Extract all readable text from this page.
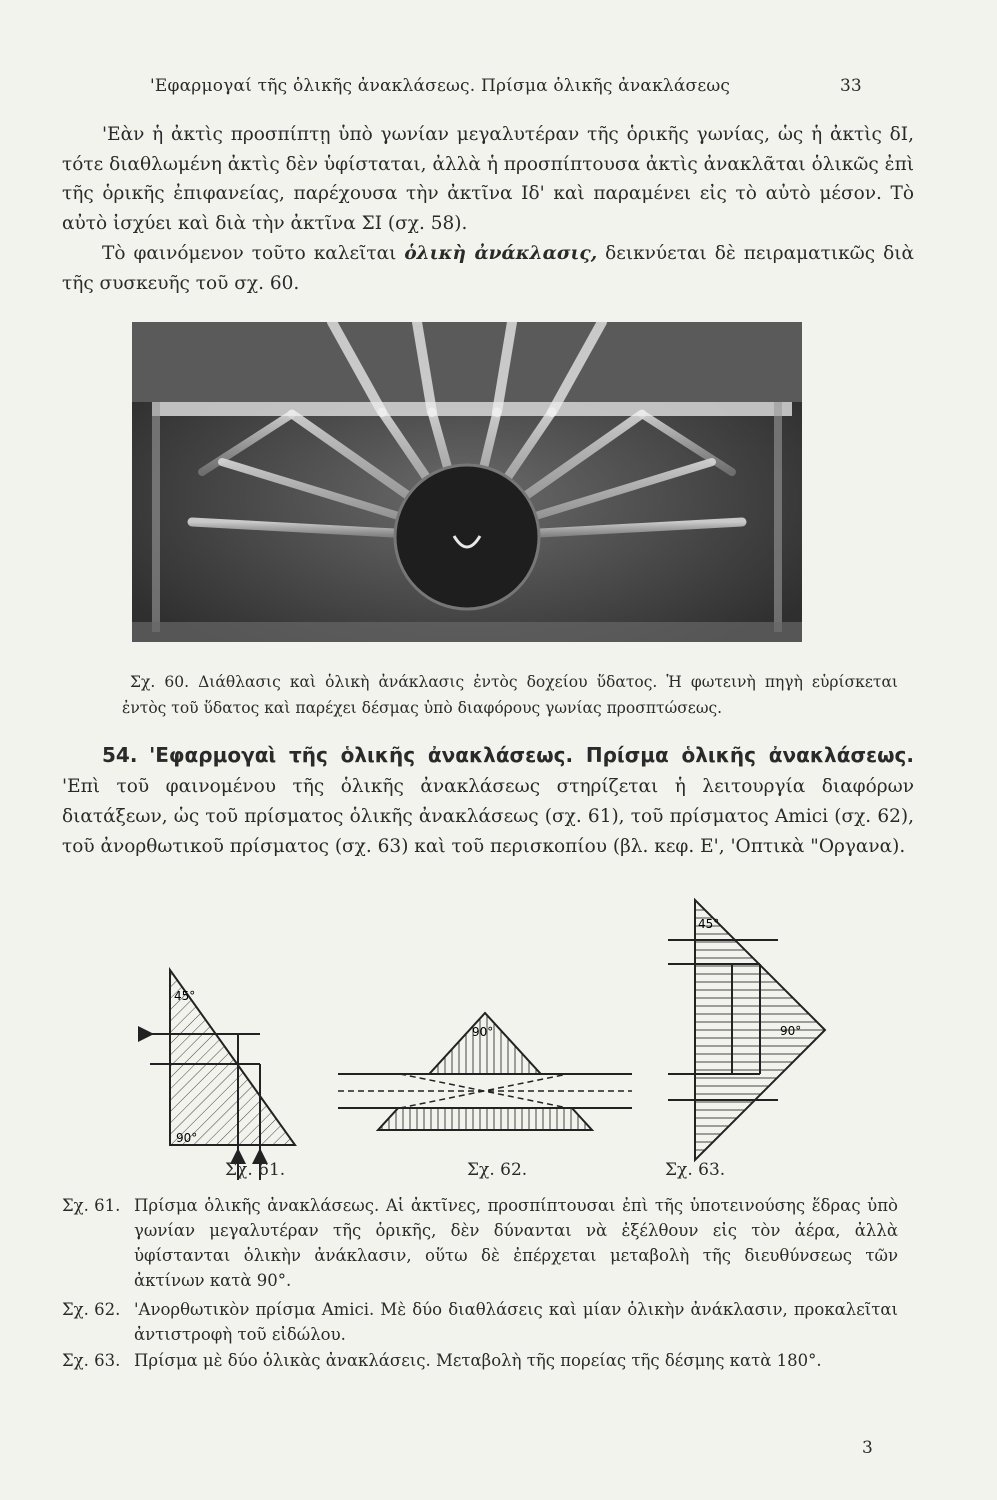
'Εφαρμογαί τῆς ὁλικῆς ἀνακλάσεως. Πρίσμα ὁλικῆς ἀνακλάσεως	33
'Εὰν ἡ ἀκτὶς προσπίπτῃ ὑπὸ γωνίαν μεγαλυτέραν τῆς ὁρικῆς γωνίας, ὡς ἡ ἀκτὶς δΙ, τότε διαθλωμένη ἀκτὶς δὲν ὑφίσταται, ἀλλὰ ἡ προσπίπτουσα ἀκτὶς ἀνακλᾶται ὁλικῶς ἐπὶ τῆς ὁρικῆς ἐπιφανείας, παρέχουσα τὴν ἀκτῖνα Ιδ' καὶ παραμένει εἰς τὸ αὐτὸ μέσον. Τὸ αὐτὸ ἰσχύει καὶ διὰ τὴν ἀκτῖνα ΣΙ (σχ. 58).
Τὸ φαινόμενον τοῦτο καλεῖται ὁλικὴ ἀνάκλασις, δεικνύεται δὲ πειραματικῶς διὰ τῆς συσκευῆς τοῦ σχ. 60.
Σχ. 60. Διάθλασις καὶ ὁλικὴ ἀνάκλασις ἐντὸς δοχείου ὕδατος. Ἡ φωτεινὴ πηγὴ εὑρίσκεται
ἐντὸς τοῦ ὕδατος καὶ παρέχει δέσμας ὑπὸ διαφόρους γωνίας προσπτώσεως.
54. 'Εφαρμογαὶ τῆς ὁλικῆς ἀνακλάσεως. Πρίσμα ὁλικῆς ἀνακλάσεως. 'Επὶ τοῦ φαινομένου τῆς ὁλικῆς ἀνακλάσεως στηρίζεται ἡ λειτουργία διαφόρων διατάξεων, ὡς τοῦ πρίσματος ὁλικῆς ἀνακλάσεως (σχ. 61), τοῦ πρίσματος Amici (σχ. 62), τοῦ ἀνορθωτικοῦ πρίσματος (σχ. 63) καὶ τοῦ περισκοπίου (βλ. κεφ. Ε', 'Οπτικὰ "Οργανα).
45°
90°
90°
45°
90°
Σχ. 61.	Σχ. 62.	Σχ. 63.
Σχ. 61. Πρίσμα ὁλικῆς ἀνακλάσεως. Αἱ ἀκτῖνες, προσπίπτουσαι ἐπὶ τῆς ὑποτεινούσης ἕδρας ὑπὸ γωνίαν μεγαλυτέραν τῆς ὁρικῆς, δὲν δύνανται νὰ ἐξέλθουν εἰς τὸν ἀέρα, ἀλλὰ ὑφίστανται ὁλικὴν ἀνάκλασιν, οὕτω δὲ ἐπέρχεται μεταβολὴ τῆς διευθύνσεως τῶν ἀκτίνων κατὰ 90°.
Σχ. 62. 'Ανορθωτικὸν πρίσμα Amici. Μὲ δύο διαθλάσεις καὶ μίαν ὁλικὴν ἀνάκλασιν, προκαλεῖται ἀντιστροφὴ τοῦ εἰδώλου.
Σχ. 63. Πρίσμα μὲ δύο ὁλικὰς ἀνακλάσεις. Μεταβολὴ τῆς πορείας τῆς δέσμης κατὰ 180°.
3
